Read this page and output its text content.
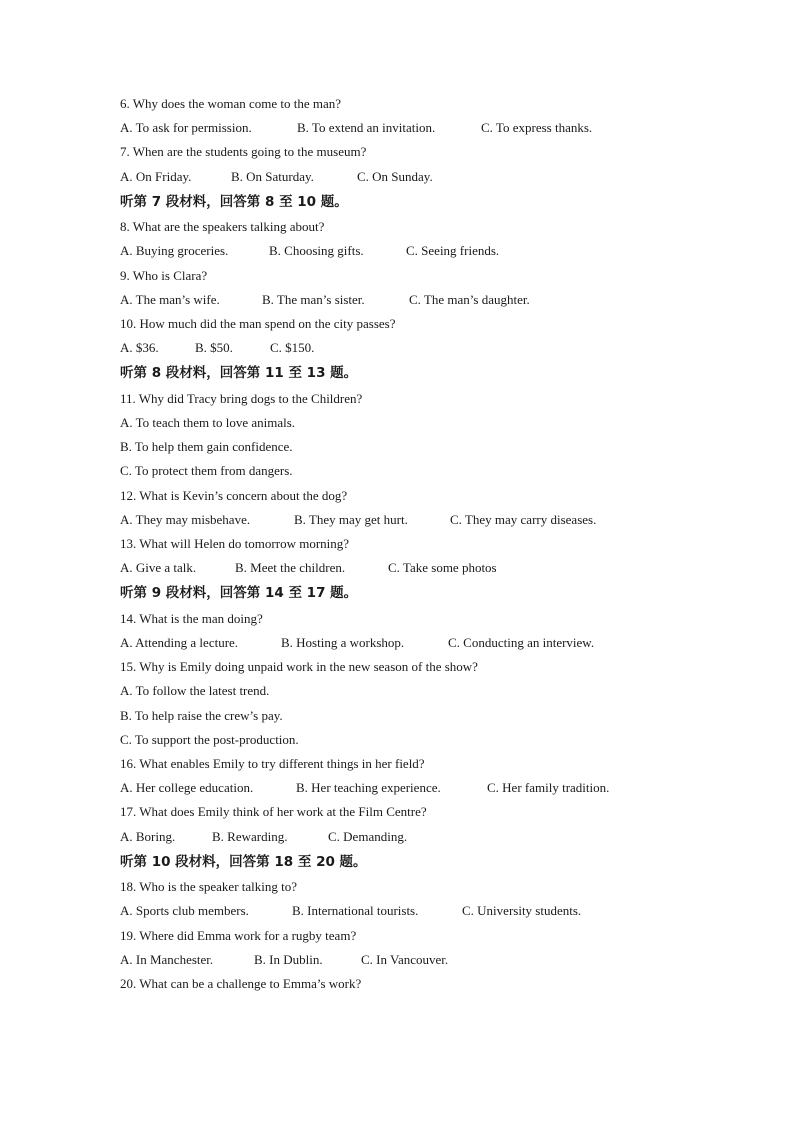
6. Why does the woman come to the man?
A. To ask for permission.	B. To extend an invitation.	C. To express thanks.
7. When are the students going to the museum?
A. On Friday.	B. On Saturday.	C. On Sunday.
听第 7 段材料，回答第 8 至 10 题。
8. What are the speakers talking about?
A. Buying groceries.	B. Choosing gifts.	C. Seeing friends.
9. Who is Clara?
A. The man’s wife.	B. The man’s sister.	C. The man’s daughter.
10. How much did the man spend on the city passes?
A. $36.	B. $50.	C. $150.
听第 8 段材料，回答第 11 至 13 题。
11. Why did Tracy bring dogs to the Children?
A. To teach them to love animals.
B. To help them gain confidence.
C. To protect them from dangers.
12. What is Kevin’s concern about the dog?
A. They may misbehave.	B. They may get hurt.	C. They may carry diseases.
13. What will Helen do tomorrow morning?
A. Give a talk.	B. Meet the children.	C. Take some photos
听第 9 段材料，回答第 14 至 17 题。
14. What is the man doing?
A. Attending a lecture.	B. Hosting a workshop.	C. Conducting an interview.
15. Why is Emily doing unpaid work in the new season of the show?
A. To follow the latest trend.
B. To help raise the crew’s pay.
C. To support the post-production.
16. What enables Emily to try different things in her field?
A. Her college education.	B. Her teaching experience.	C. Her family tradition.
17. What does Emily think of her work at the Film Centre?
A. Boring.	B. Rewarding.	C. Demanding.
听第 10 段材料，回答第 18 至 20 题。
18. Who is the speaker talking to?
A. Sports club members.	B. International tourists.	C. University students.
19. Where did Emma work for a rugby team?
A. In Manchester.	B. In Dublin.	C. In Vancouver.
20. What can be a challenge to Emma’s work?
